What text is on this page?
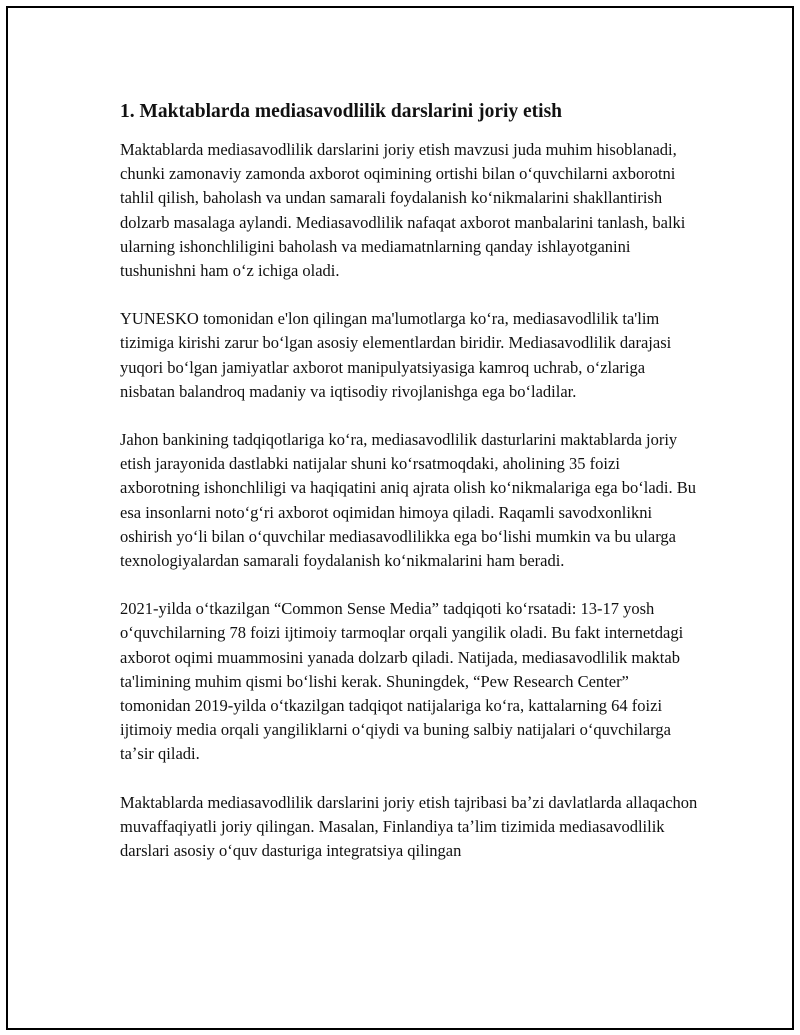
1. Maktablarda mediasavodlilik darslarini joriy etish

Maktablarda mediasavodlilik darslarini joriy etish mavzusi juda muhim hisoblanadi, chunki zamonaviy zamonda axborot oqimining ortishi bilan oʻquvchilarni axborotni tahlil qilish, baholash va undan samarali foydalanish koʻnikmalarini shakllantirish dolzarb masalaga aylandi. Mediasavodlilik nafaqat axborot manbalarini tanlash, balki ularning ishonchliligini baholash va mediamatnlarning qanday ishlayotganini tushunishni ham oʻz ichiga oladi.

YUNESKO tomonidan e'lon qilingan ma'lumotlarga koʻra, mediasavodlilik ta'lim tizimiga kirishi zarur boʻlgan asosiy elementlardan biridir. Mediasavodlilik darajasi yuqori boʻlgan jamiyatlar axborot manipulyatsiyasiga kamroq uchrab, oʻzlariga nisbatan balandroq madaniy va iqtisodiy rivojlanishga ega boʻladilar.

Jahon bankining tadqiqotlariga koʻra, mediasavodlilik dasturlarini maktablarda joriy etish jarayonida dastlabki natijalar shuni koʻrsatmoqdaki, aholining 35 foizi axborotning ishonchliligi va haqiqatini aniq ajrata olish koʻnikmalariga ega boʻladi. Bu esa insonlarni notoʻgʻri axborot oqimidan himoya qiladi. Raqamli savodxonlikni oshirish yoʻli bilan oʻquvchilar mediasavodlilikka ega boʻlishi mumkin va bu ularga texnologiyalardan samarali foydalanish koʻnikmalarini ham beradi.

2021-yilda oʻtkazilgan “Common Sense Media” tadqiqoti koʻrsatadi: 13-17 yosh oʻquvchilarning 78 foizi ijtimoiy tarmoqlar orqali yangilik oladi. Bu fakt internetdagi axborot oqimi muammosini yanada dolzarb qiladi. Natijada, mediasavodlilik maktab ta'limining muhim qismi boʻlishi kerak. Shuningdek, “Pew Research Center” tomonidan 2019-yilda oʻtkazilgan tadqiqot natijalariga koʻra, kattalarning 64 foizi ijtimoiy media orqali yangiliklarni oʻqiydi va buning salbiy natijalari oʻquvchilarga taʼsir qiladi.

Maktablarda mediasavodlilik darslarini joriy etish tajribasi baʼzi davlatlarda allaqachon muvaffaqiyatli joriy qilingan. Masalan, Finlandiya taʼlim tizimida mediasavodlilik darslari asosiy oʻquv dasturiga integratsiya qilingan
